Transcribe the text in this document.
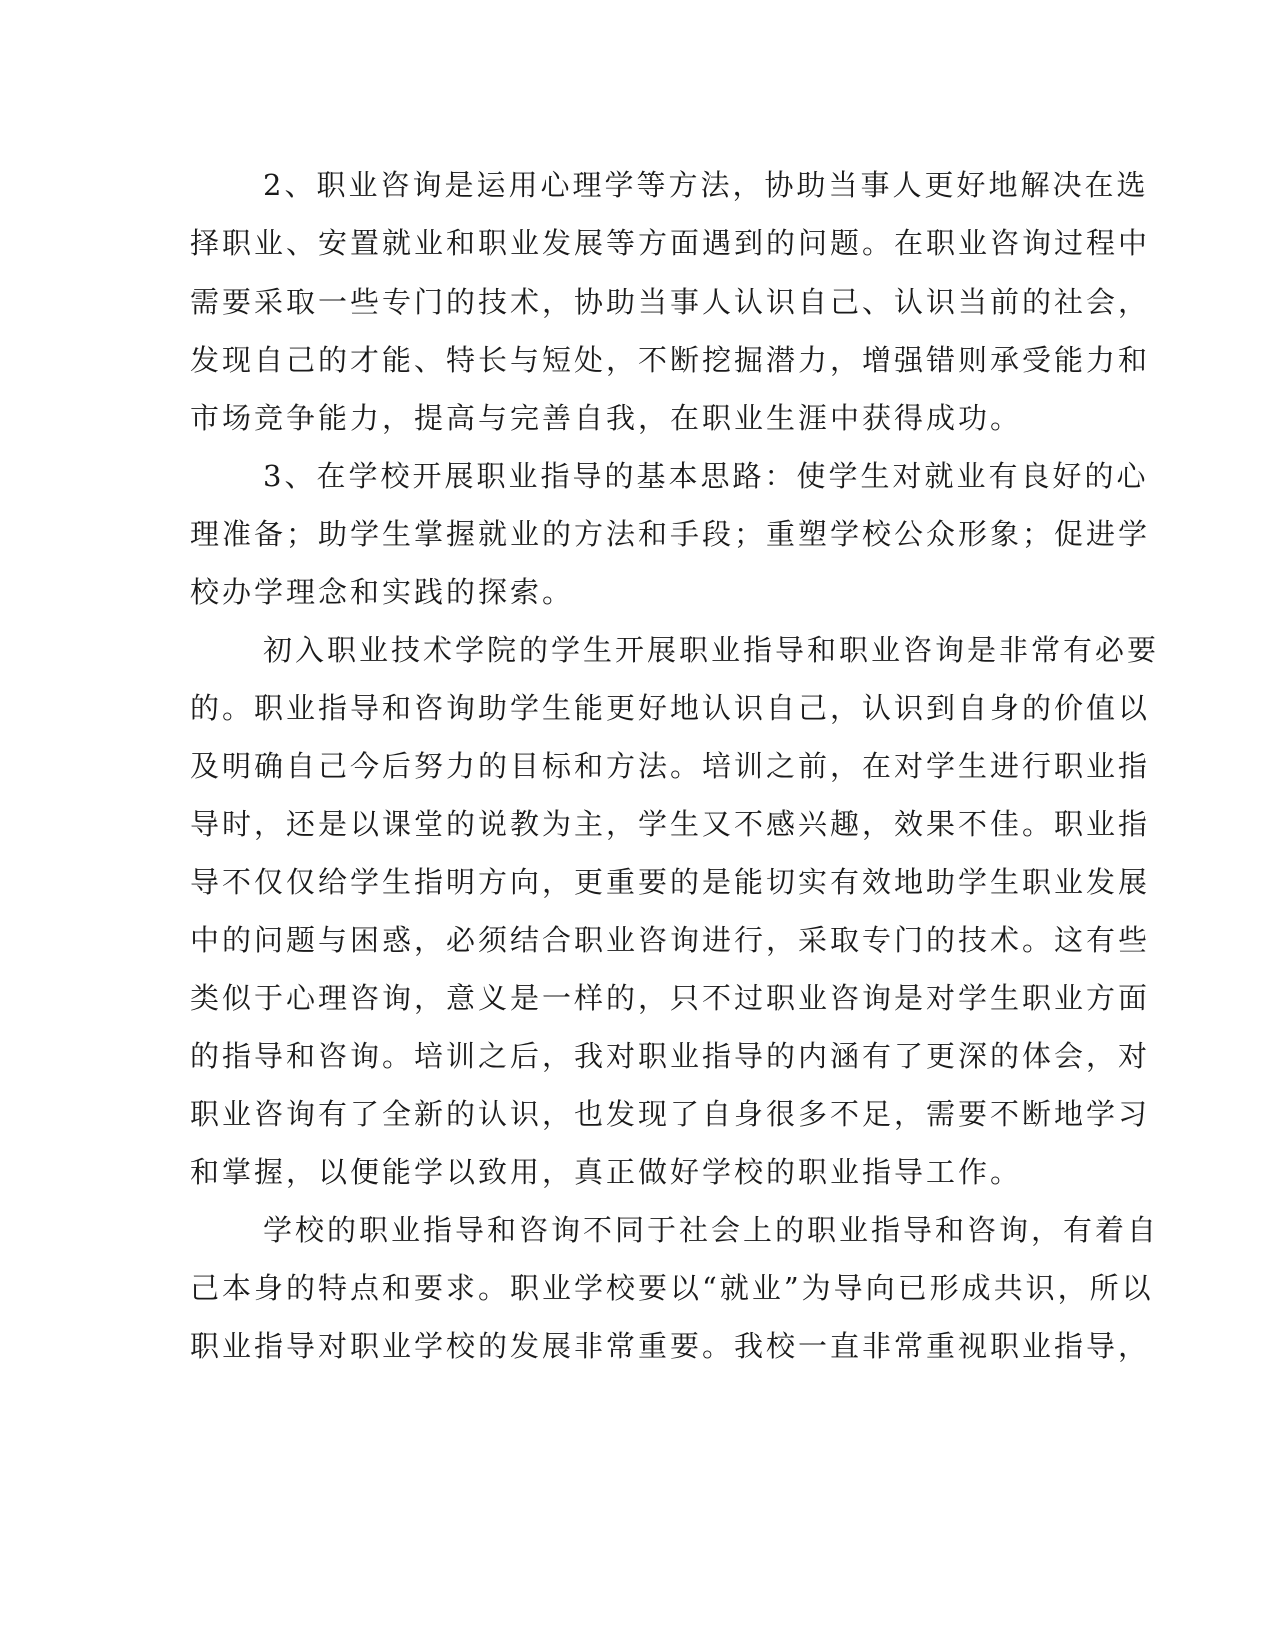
2、职业咨询是运用心理学等方法，协助当事人更好地解决在选
择职业、安置就业和职业发展等方面遇到的问题。在职业咨询过程中
需要采取一些专门的技术，协助当事人认识自己、认识当前的社会，
发现自己的才能、特长与短处，不断挖掘潜力，增强错则承受能力和
市场竞争能力，提高与完善自我，在职业生涯中获得成功。
3、在学校开展职业指导的基本思路：使学生对就业有良好的心
理准备；助学生掌握就业的方法和手段；重塑学校公众形象；促进学
校办学理念和实践的探索。
初入职业技术学院的学生开展职业指导和职业咨询是非常有必要
的。职业指导和咨询助学生能更好地认识自己，认识到自身的价值以
及明确自己今后努力的目标和方法。培训之前，在对学生进行职业指
导时，还是以课堂的说教为主，学生又不感兴趣，效果不佳。职业指
导不仅仅给学生指明方向，更重要的是能切实有效地助学生职业发展
中的问题与困惑，必须结合职业咨询进行，采取专门的技术。这有些
类似于心理咨询，意义是一样的，只不过职业咨询是对学生职业方面
的指导和咨询。培训之后，我对职业指导的内涵有了更深的体会，对
职业咨询有了全新的认识，也发现了自身很多不足，需要不断地学习
和掌握，以便能学以致用，真正做好学校的职业指导工作。
学校的职业指导和咨询不同于社会上的职业指导和咨询，有着自
己本身的特点和要求。职业学校要以“就业”为导向已形成共识，所以
职业指导对职业学校的发展非常重要。我校一直非常重视职业指导，
